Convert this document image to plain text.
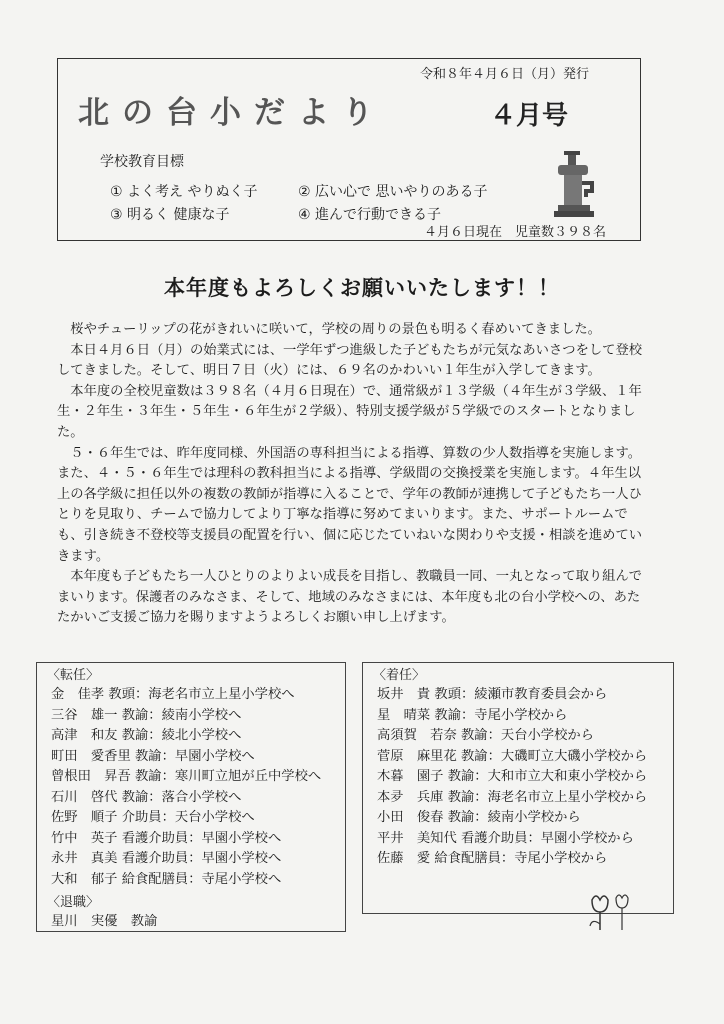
令和８年４月６日（月）発行
北の台小だより	４月号
学校教育目標
① よく考え やりぬく子	② 広い心で 思いやりのある子
③ 明るく 健康な子	④ 進んで行動できる子
４月６日現在　児童数３９８名
本年度もよろしくお願いいたします！！

桜やチューリップの花がきれいに咲いて，学校の周りの景色も明るく春めいてきました。

本日４月６日（月）の始業式には、一学年ずつ進級した子どもたちが元気なあいさつをして登校してきました。そして、明日７日（火）には、６９名のかわいい１年生が入学してきます。

本年度の全校児童数は３９８名（４月６日現在）で、通常級が１３学級（４年生が３学級、１年生・２年生・３年生・５年生・６年生が２学級）、特別支援学級が５学級でのスタートとなりました。

５・６年生では、昨年度同様、外国語の専科担当による指導、算数の少人数指導を実施します。また、４・５・６年生では理科の教科担当による指導、学級間の交換授業を実施します。４年生以上の各学級に担任以外の複数の教師が指導に入ることで、学年の教師が連携して子どもたち一人ひとりを見取り、チームで協力してより丁寧な指導に努めてまいります。また、サポートルームでも、引き続き不登校等支援員の配置を行い、個に応じたていねいな関わりや支援・相談を進めていきます。

本年度も子どもたち一人ひとりのよりよい成長を目指し、教職員一同、一丸となって取り組んでまいります。保護者のみなさま、そして、地域のみなさまには、本年度も北の台小学校への、あたたかいご支援ご協力を賜りますようよろしくお願い申し上げます。

〈転任〉
金　佳孝 教頭：海老名市立上星小学校へ
三谷　雄一 教諭：綾南小学校へ
高津　和友 教諭：綾北小学校へ
町田　愛香里 教諭：早園小学校へ
曾根田　昇吾 教諭：寒川町立旭が丘中学校へ
石川　啓代 教諭：落合小学校へ
佐野　順子 介助員：天台小学校へ
竹中　英子 看護介助員：早園小学校へ
永井　真美 看護介助員：早園小学校へ
大和　郁子 給食配膳員：寺尾小学校へ
〈退職〉
星川　実優　教諭
〈着任〉
坂井　貴 教頭：綾瀬市教育委員会から
星　晴菜 教諭：寺尾小学校から
高須賀　若奈 教諭：天台小学校から
菅原　麻里花 教諭：大磯町立大磯小学校から
木暮　園子 教諭：大和市立大和東小学校から
本夛　兵庫 教諭：海老名市立上星小学校から
小田　俊春 教諭：綾南小学校から
平井　美知代 看護介助員：早園小学校から
佐藤　愛 給食配膳員：寺尾小学校から
